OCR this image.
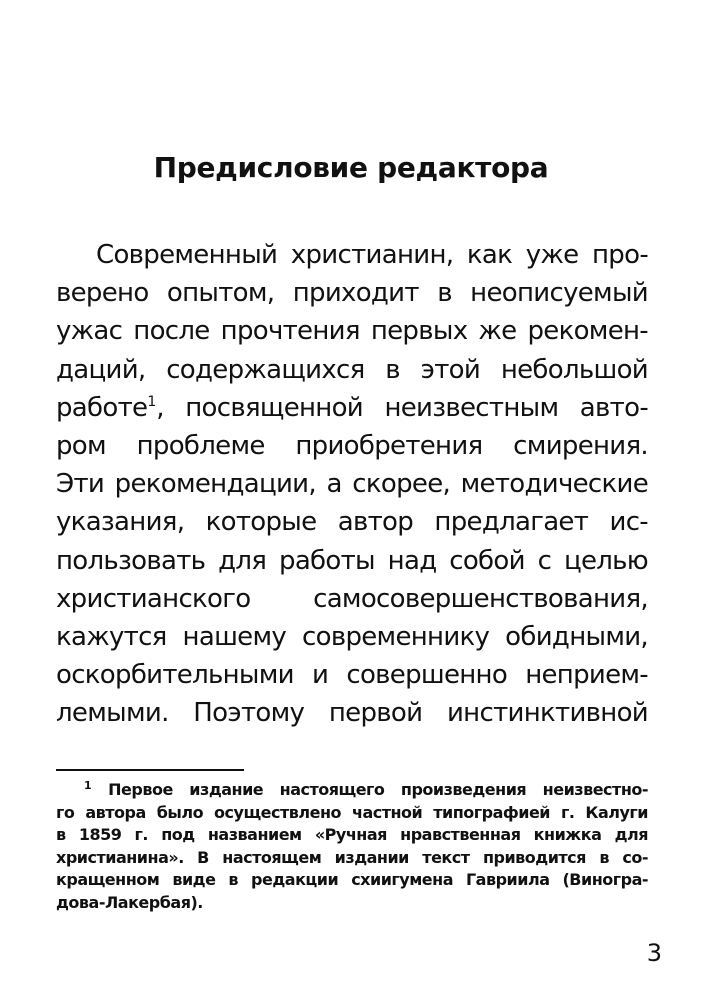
Предисловие редактора
Современный христианин, как уже про-
верено опытом, приходит в неописуемый
ужас после прочтения первых же рекомен-
даций, содержащихся в этой небольшой
работе$^1$, посвященной неизвестным авто-
ром проблеме приобретения смирения.
Эти рекомендации, а скорее, методические
указания, которые автор предлагает ис-
пользовать для работы над собой с целью
христианского самосовершенствования,
кажутся нашему современнику обидными,
оскорбительными и совершенно неприем-
лемыми. Поэтому первой инстинктивной
$^1$ Первое издание настоящего произведения неизвестно-
го автора было осуществлено частной типографией г. Калуги
в 1859 г. под названием «Ручная нравственная книжка для
христианина». В настоящем издании текст приводится в со-
кращенном виде в редакции схиигумена Гавриила (Виногра-
дова-Лакербая).
3
